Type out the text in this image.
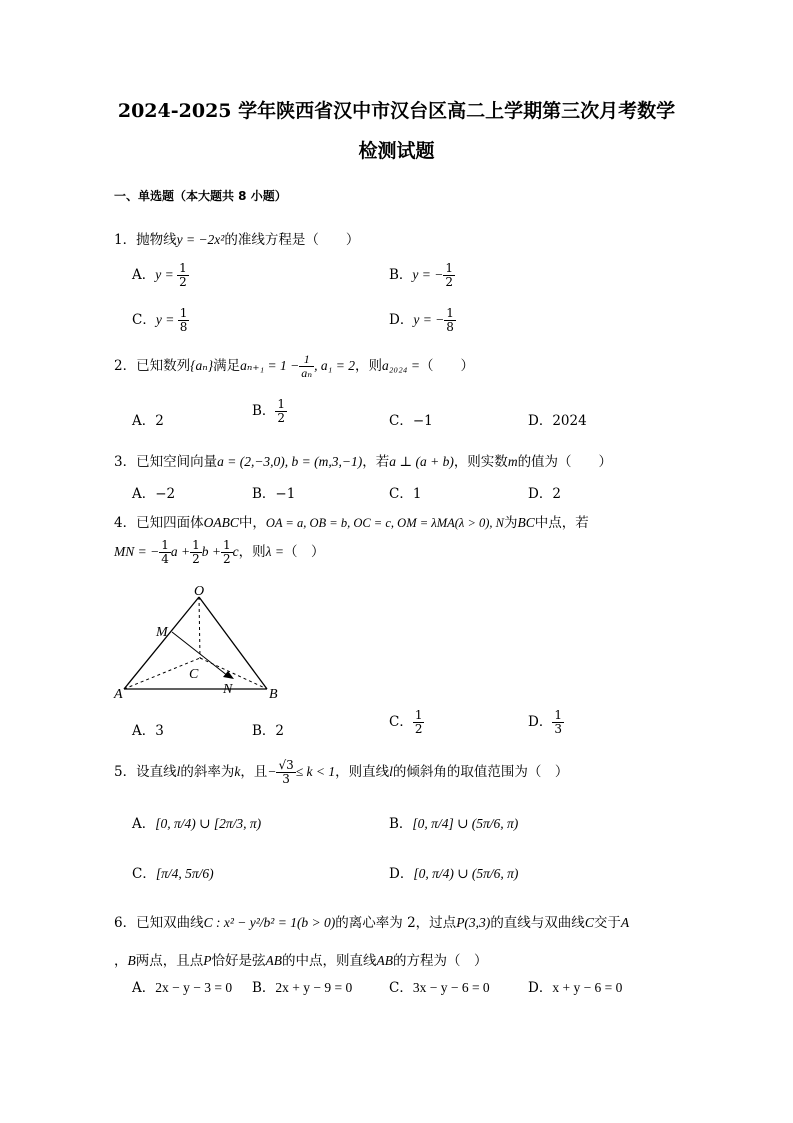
2024-2025 学年陕西省汉中市汉台区高二上学期第三次月考数学
检测试题
一、单选题（本大题共 8 小题）
1．抛物线y = −2x²的准线方程是（　　）
A．$y = \frac{1}{2}$	B．y = − $\frac{1}{2}$
C．$y = \frac{1}{8}$	D．y = − $\frac{1}{8}$
2．已知数列{aₙ}满足$a_{n+1} = 1 - \frac{1}{\text{aₙ}}$ , a₁ = 2，则a₂₀₂₄ =（　　）
A．2
B． $\frac{1}{2}$	C．−1	D．2024
3．已知空间向量a = (2,−3,0), b = (m,3,−1)，若a ⊥ (a + b)，则实数m的值为（　　）
A．−2	B．−1	C．1	D．2
4．已知四面体OABC中，OA = a, OB = b, OC = c, OM = λMA(λ > 0), N为BC中点，若
MN = − $\frac{1}{4}$ $a + \frac{1}{2}$ $b + \frac{1}{2}$ c，则λ =（　）
O
M
C
N
A	B
A．3	B．2
C． $\frac{1}{2}$	D． $\frac{1}{3}$
5．设直线l的斜率为k，且− $\frac{√3}{3} \le k < 1$，则直线l的倾斜角的取值范围为（　）
A．[0, π/4) ∪ [2π/3, π)	B．[0, π/4] ∪ (5π/6, π)
C．[π/4, 5π/6)	D．[0, π/4) ∪ (5π/6, π)
6．已知双曲线C : x² − y²/b² = 1(b > 0)的离心率为 2，过点P(3,3)的直线与双曲线C交于A
，B两点，且点P恰好是弦AB的中点，则直线AB的方程为（　）
A．2x − y − 3 = 0 B．2x + y − 9 = 0	C．3x − y − 6 = 0	D．x + y − 6 = 0
